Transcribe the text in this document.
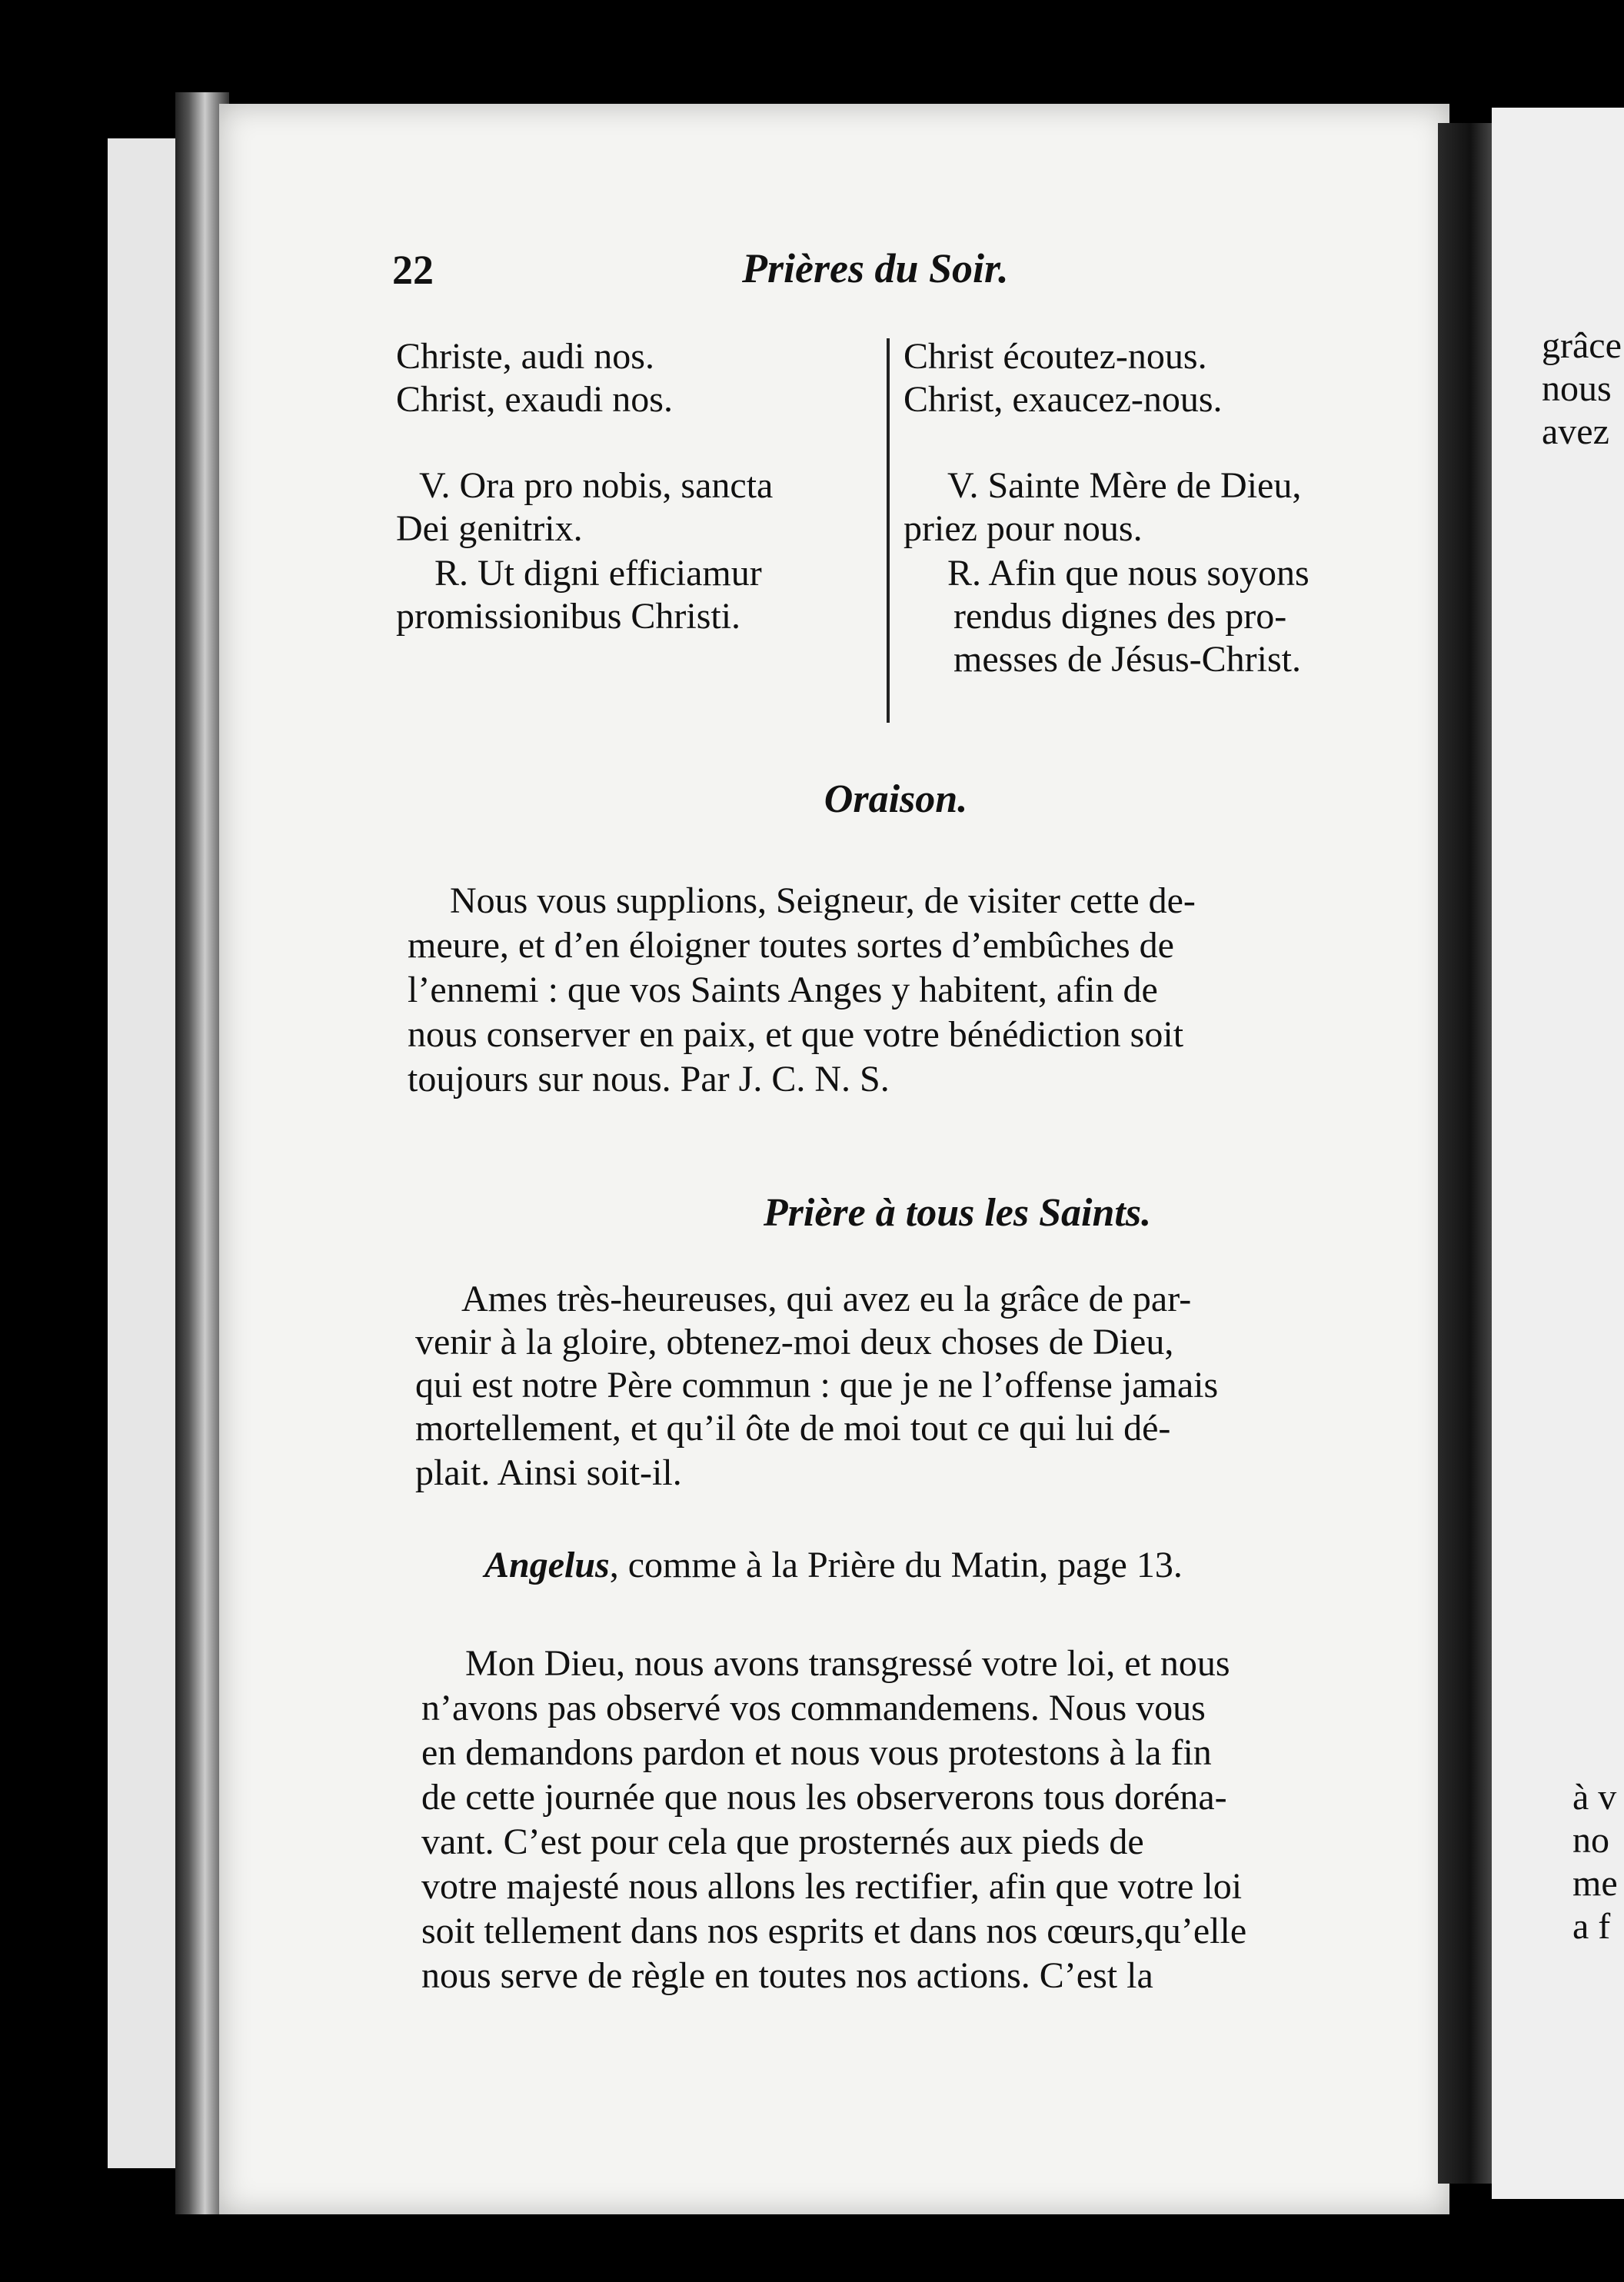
22	Prières du Soir.
Christe, audi nos.
Christ, exaudi nos.
Christ écoutez-nous.
Christ, exaucez-nous.
V. Ora pro nobis, sancta
Dei genitrix.
R. Ut digni efficiamur
promissionibus Christi.
V. Sainte Mère de Dieu,
priez pour nous.
R. Afin que nous soyons
rendus dignes des pro-
messes de Jésus-Christ.
Oraison.
Nous vous supplions, Seigneur, de visiter cette de-
meure, et d’en éloigner toutes sortes d’embûches de
l’ennemi : que vos Saints Anges y habitent, afin de
nous conserver en paix, et que votre bénédiction soit
toujours sur nous. Par J. C. N. S.
Prière à tous les Saints.
Ames très-heureuses, qui avez eu la grâce de par-
venir à la gloire, obtenez-moi deux choses de Dieu,
qui est notre Père commun : que je ne l’offense jamais
mortellement, et qu’il ôte de moi tout ce qui lui dé-
plait. Ainsi soit-il.
Angelus, comme à la Prière du Matin, page 13.
Mon Dieu, nous avons transgressé votre loi, et nous
n’avons pas observé vos commandemens. Nous vous
en demandons pardon et nous vous protestons à la fin
de cette journée que nous les observerons tous doréna-
vant. C’est pour cela que prosternés aux pieds de
votre majesté nous allons les rectifier, afin que votre loi
soit tellement dans nos esprits et dans nos cœurs,qu’elle
nous serve de règle en toutes nos actions. C’est la
grâce
nous
avez
à v
no
me
a f
